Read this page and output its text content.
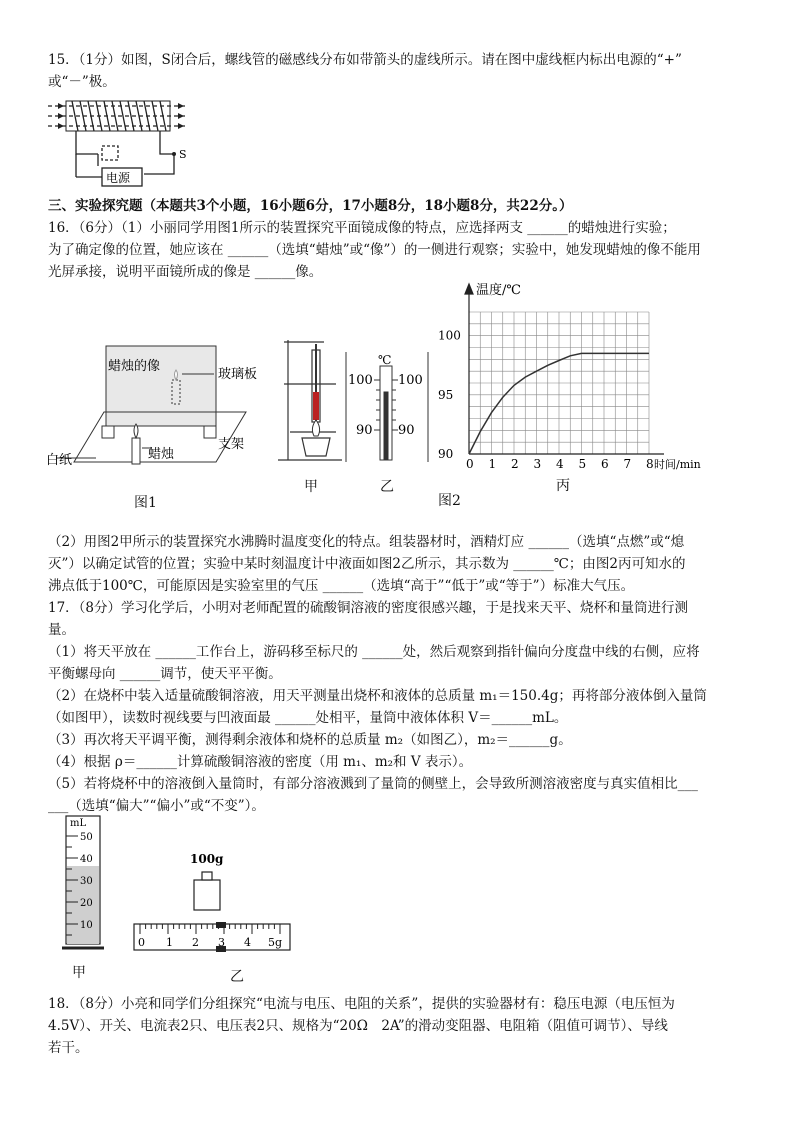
15．（1分）如图，S闭合后，螺线管的磁感线分布如带箭头的虚线所示。请在图中虚线框内标出电源的“+”
或“－”极。
S
电源
三、实验探究题（本题共3个小题，16小题6分，17小题8分，18小题8分，共22分。）
16．（6分）（1）小丽同学用图1所示的装置探究平面镜成像的特点，应选择两支 ______的蜡烛进行实验；
为了确定像的位置，她应该在 ______（选填“蜡烛”或“像”）的一侧进行观察；实验中，她发现蜡烛的像不能用
光屏承接，说明平面镜所成的像是 ______像。
蜡烛的像
玻璃板
白纸	蜡烛
支架
图1
甲
℃
100 100
90 90
乙
0 1 2 3 4 5 6 7 8
90
95
100
温度/℃
时间/min
丙
图2
（2）用图2甲所示的装置探究水沸腾时温度变化的特点。组装器材时，酒精灯应 ______（选填“点燃”或“熄
灭”）以确定试管的位置；实验中某时刻温度计中液面如图2乙所示，其示数为 ______℃；由图2丙可知水的
沸点低于100℃，可能原因是实验室里的气压 ______（选填“高于”“低于”或“等于”）标准大气压。
17．（8分）学习化学后，小明对老师配置的硫酸铜溶液的密度很感兴趣，于是找来天平、烧杯和量筒进行测
量。
（1）将天平放在 ______工作台上，游码移至标尺的 ______处，然后观察到指针偏向分度盘中线的右侧，应将
平衡螺母向 ______调节，使天平平衡。
（2）在烧杯中装入适量硫酸铜溶液，用天平测量出烧杯和液体的总质量 m₁＝150.4g；再将部分液体倒入量筒
（如图甲），读数时视线要与凹液面最 ______处相平，量筒中液体体积 V＝______mL。
（3）再次将天平调平衡，测得剩余液体和烧杯的总质量 m₂（如图乙），m₂＝______g。
（4）根据 ρ＝______计算硫酸铜溶液的密度（用 m₁、m₂和 V 表示）。
（5）若将烧杯中的溶液倒入量筒时，有部分溶液溅到了量筒的侧壁上，会导致所测溶液密度与真实值相比___
___（选填“偏大”“偏小”或“不变”）。
mL
50
40
30
20
10
甲
100g
0 1 2 3 4 5g
乙
18．（8分）小亮和同学们分组探究“电流与电压、电阻的关系”，提供的实验器材有：稳压电源（电压恒为
4.5V）、开关、电流表2只、电压表2只、规格为“20Ω　2A”的滑动变阻器、电阻箱（阻值可调节）、导线
若干。
